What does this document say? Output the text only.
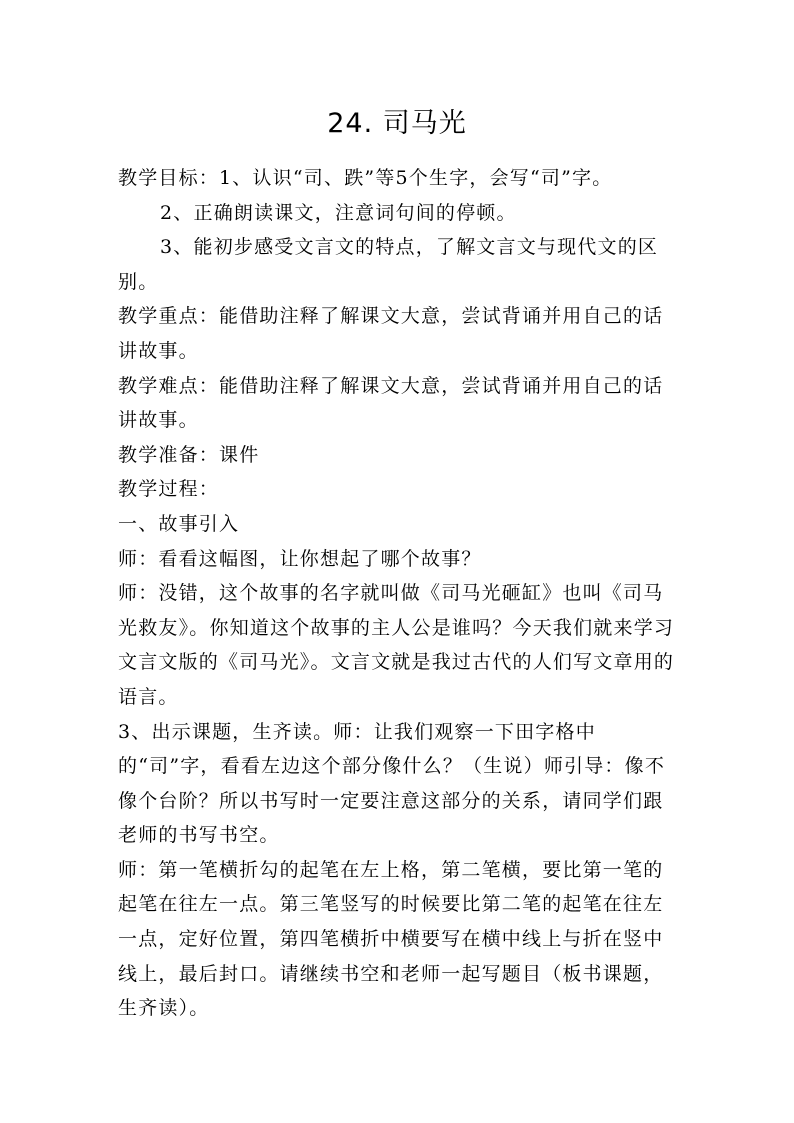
24. 司马光

教学目标：1、认识“司、跌”等5个生字，会写“司”字。

2、正确朗读课文，注意词句间的停顿。

3、能初步感受文言文的特点，了解文言文与现代文的区别。

教学重点：能借助注释了解课文大意，尝试背诵并用自己的话讲故事。

教学难点：能借助注释了解课文大意，尝试背诵并用自己的话讲故事。

教学准备：课件

教学过程：

一、故事引入

师：看看这幅图，让你想起了哪个故事？

师：没错，这个故事的名字就叫做《司马光砸缸》也叫《司马光救友》。你知道这个故事的主人公是谁吗？今天我们就来学习文言文版的《司马光》。文言文就是我过古代的人们写文章用的语言。

3、出示课题，生齐读。师：让我们观察一下田字格中的“司”字，看看左边这个部分像什么？（生说）师引导：像不像个台阶？所以书写时一定要注意这部分的关系，请同学们跟老师的书写书空。

师：第一笔横折勾的起笔在左上格，第二笔横，要比第一笔的起笔在往左一点。第三笔竖写的时候要比第二笔的起笔在往左一点，定好位置，第四笔横折中横要写在横中线上与折在竖中线上，最后封口。请继续书空和老师一起写题目（板书课题，生齐读）。
